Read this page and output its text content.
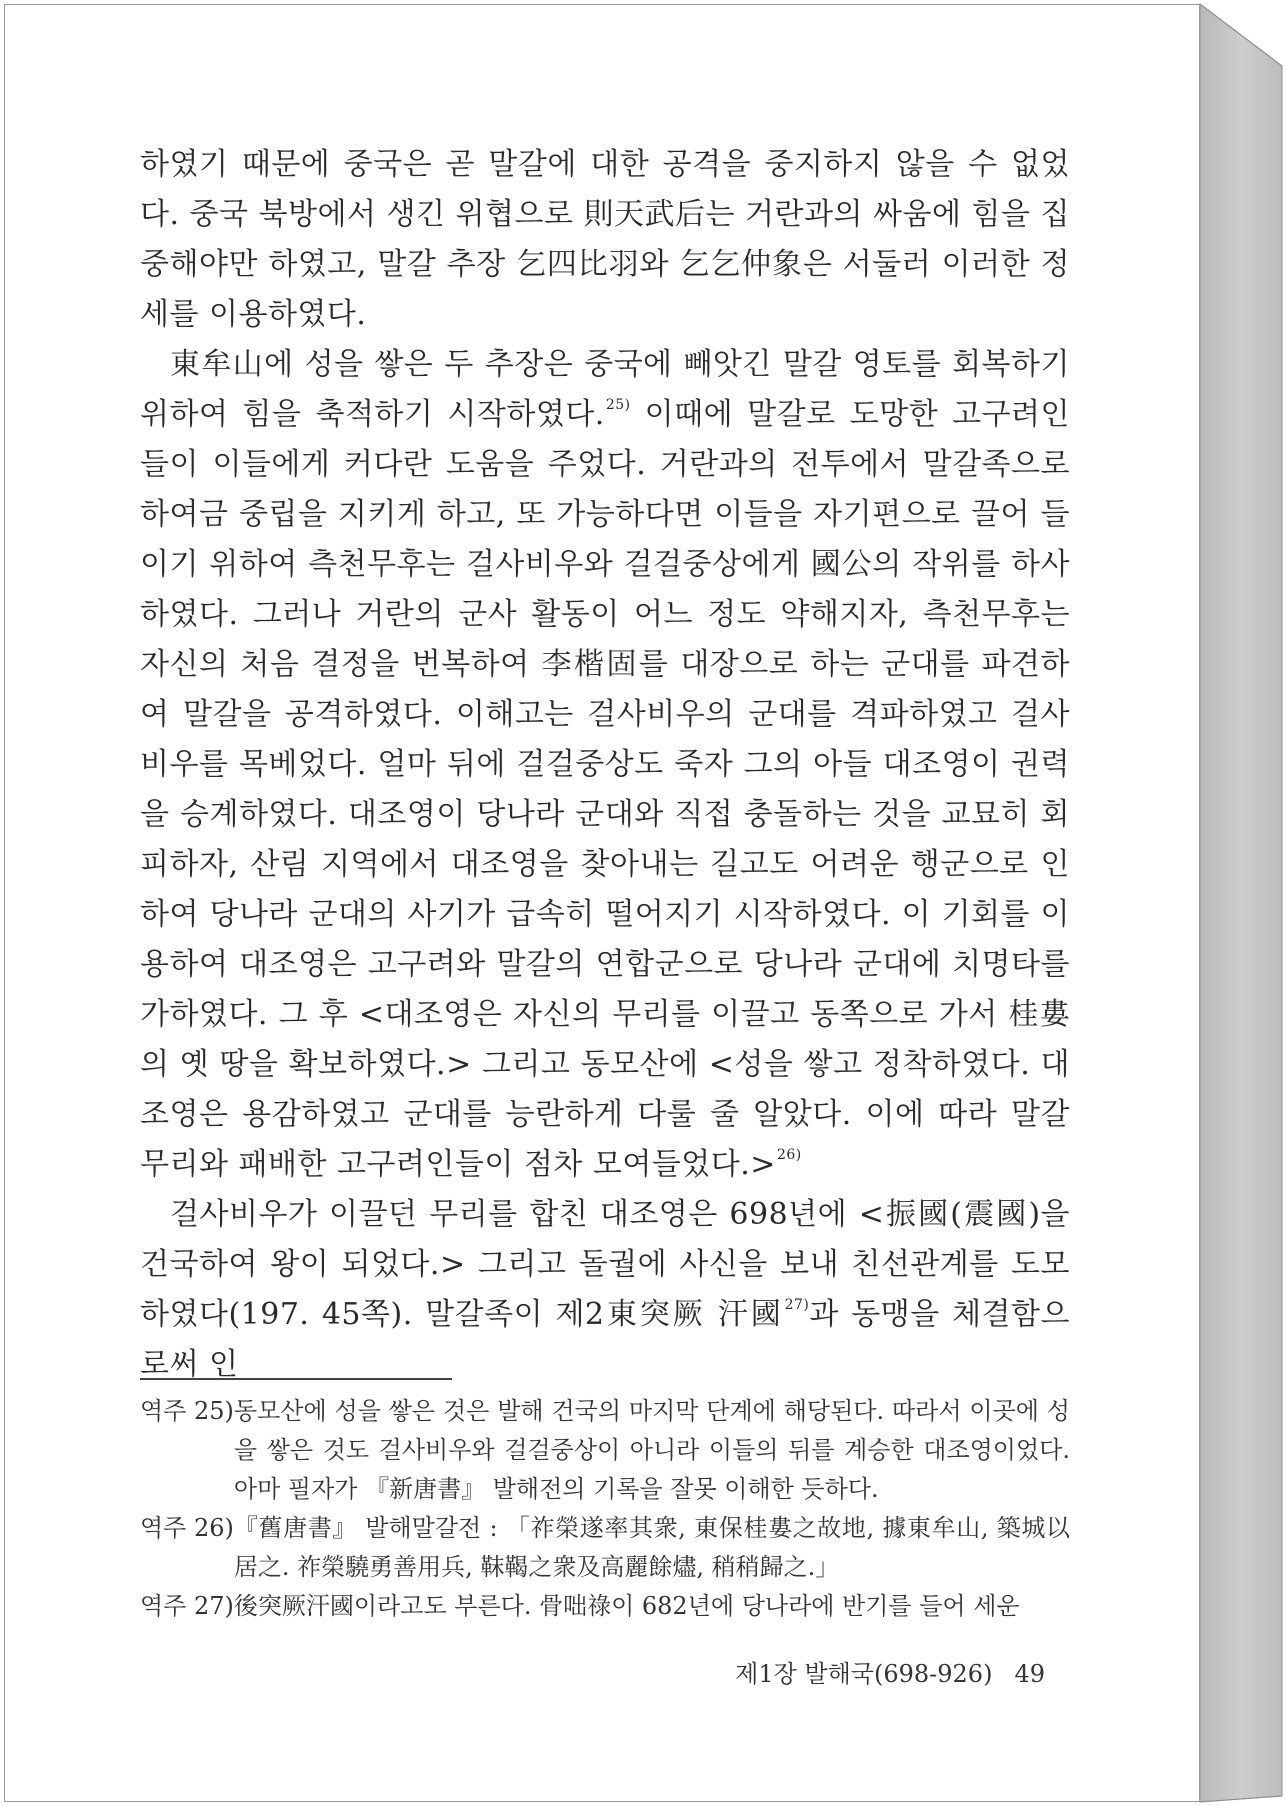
하였기 때문에 중국은 곧 말갈에 대한 공격을 중지하지 않을 수 없었다. 중국 북방에서 생긴 위협으로 則天武后는 거란과의 싸움에 힘을 집중해야만 하였고, 말갈 추장 乞四比羽와 乞乞仲象은 서둘러 이러한 정세를 이용하였다.

東牟山에 성을 쌓은 두 추장은 중국에 빼앗긴 말갈 영토를 회복하기 위하여 힘을 축적하기 시작하였다.$^{25)}$ 이때에 말갈로 도망한 고구려인들이 이들에게 커다란 도움을 주었다. 거란과의 전투에서 말갈족으로 하여금 중립을 지키게 하고, 또 가능하다면 이들을 자기편으로 끌어 들이기 위하여 측천무후는 걸사비우와 걸걸중상에게 國公의 작위를 하사하였다. 그러나 거란의 군사 활동이 어느 정도 약해지자, 측천무후는 자신의 처음 결정을 번복하여 李楷固를 대장으로 하는 군대를 파견하여 말갈을 공격하였다. 이해고는 걸사비우의 군대를 격파하였고 걸사비우를 목베었다. 얼마 뒤에 걸걸중상도 죽자 그의 아들 대조영이 권력을 승계하였다. 대조영이 당나라 군대와 직접 충돌하는 것을 교묘히 회피하자, 산림 지역에서 대조영을 찾아내는 길고도 어려운 행군으로 인하여 당나라 군대의 사기가 급속히 떨어지기 시작하였다. 이 기회를 이용하여 대조영은 고구려와 말갈의 연합군으로 당나라 군대에 치명타를 가하였다. 그 후 <대조영은 자신의 무리를 이끌고 동쪽으로 가서 桂婁의 옛 땅을 확보하였다.> 그리고 동모산에 <성을 쌓고 정착하였다. 대조영은 용감하였고 군대를 능란하게 다룰 줄 알았다. 이에 따라 말갈 무리와 패배한 고구려인들이 점차 모여들었다.>$^{26)}$

걸사비우가 이끌던 무리를 합친 대조영은 698년에 <振國(震國)을 건국하여 왕이 되었다.> 그리고 돌궐에 사신을 보내 친선관계를 도모하였다(197. 45쪽). 말갈족이 제2東突厥 汗國$^{27)}$과 동맹을 체결함으로써 인

역주 25) 동모산에 성을 쌓은 것은 발해 건국의 마지막 단계에 해당된다. 따라서 이곳에 성을 쌓은 것도 걸사비우와 걸걸중상이 아니라 이들의 뒤를 계승한 대조영이었다. 아마 필자가 『新唐書』 발해전의 기록을 잘못 이해한 듯하다.
역주 26) 『舊唐書』 발해말갈전 : 「祚榮遂率其衆, 東保桂婁之故地, 據東牟山, 築城以居之. 祚榮驍勇善用兵, 靺鞨之衆及高麗餘燼, 稍稍歸之.」
역주 27) 後突厥汗國이라고도 부른다. 骨咄祿이 682년에 당나라에 반기를 들어 세운
제1장 발해국(698-926) 49
